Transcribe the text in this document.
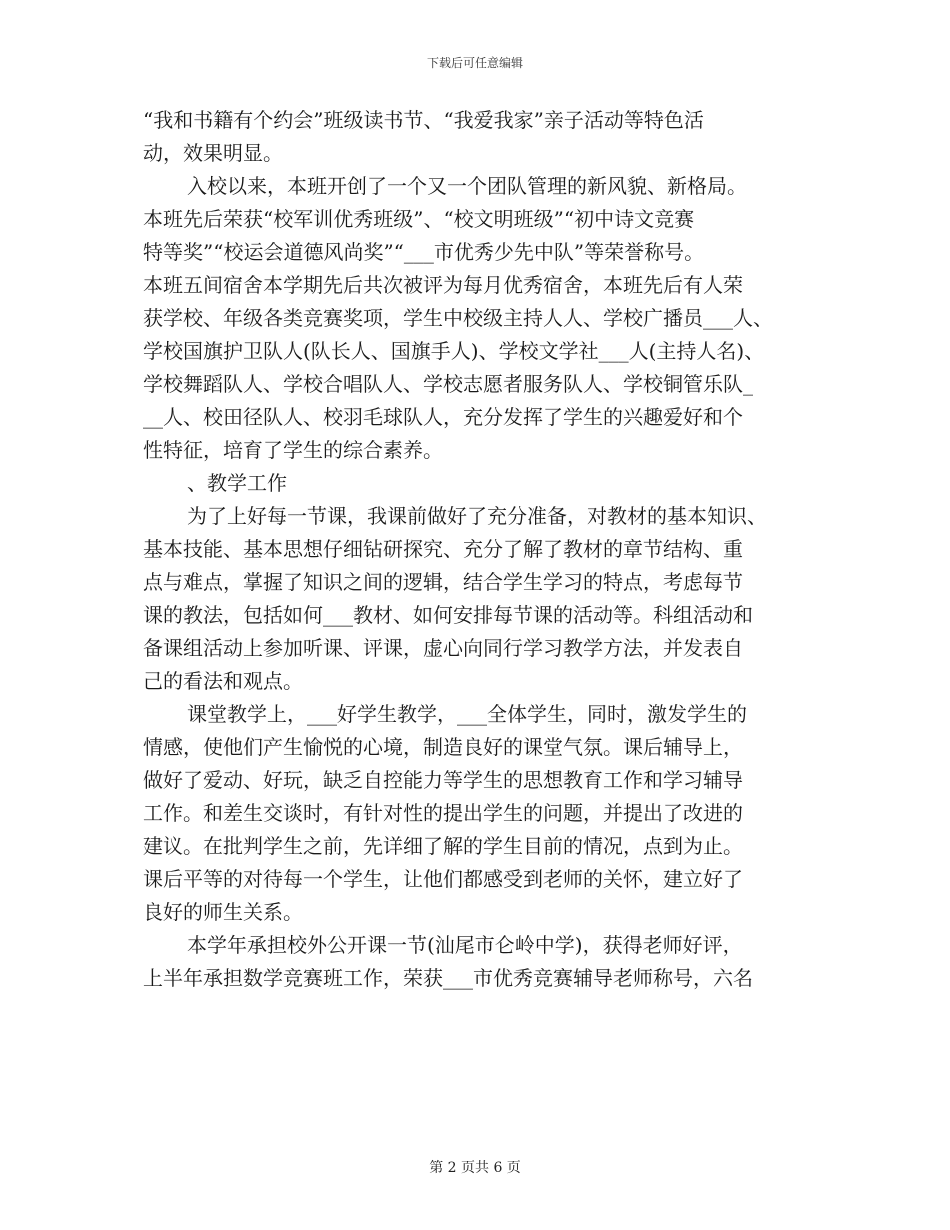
下载后可任意编辑
“我和书籍有个约会”班级读书节、“我爱我家”亲子活动等特色活
动，效果明显。
入校以来，本班开创了一个又一个团队管理的新风貌、新格局。
本班先后荣获“校军训优秀班级”、“校文明班级”“初中诗文竞赛
特等奖”“校运会道德风尚奖”“___市优秀少先中队”等荣誉称号。
本班五间宿舍本学期先后共次被评为每月优秀宿舍，本班先后有人荣
获学校、年级各类竞赛奖项，学生中校级主持人人、学校广播员___人、
学校国旗护卫队人(队长人、国旗手人)、学校文学社___人(主持人名)、
学校舞蹈队人、学校合唱队人、学校志愿者服务队人、学校铜管乐队_
__人、校田径队人、校羽毛球队人，充分发挥了学生的兴趣爱好和个
性特征，培育了学生的综合素养。
、教学工作
为了上好每一节课，我课前做好了充分准备，对教材的基本知识、
基本技能、基本思想仔细钻研探究、充分了解了教材的章节结构、重
点与难点，掌握了知识之间的逻辑，结合学生学习的特点，考虑每节
课的教法，包括如何___教材、如何安排每节课的活动等。科组活动和
备课组活动上参加听课、评课，虚心向同行学习教学方法，并发表自
己的看法和观点。
课堂教学上，___好学生教学，___全体学生，同时，激发学生的
情感，使他们产生愉悦的心境，制造良好的课堂气氛。课后辅导上，
做好了爱动、好玩，缺乏自控能力等学生的思想教育工作和学习辅导
工作。和差生交谈时，有针对性的提出学生的问题，并提出了改进的
建议。在批判学生之前，先详细了解的学生目前的情况，点到为止。
课后平等的对待每一个学生，让他们都感受到老师的关怀，建立好了
良好的师生关系。
本学年承担校外公开课一节(汕尾市仑岭中学)，获得老师好评，
上半年承担数学竞赛班工作，荣获___市优秀竞赛辅导老师称号，六名
第 2 页共 6 页
